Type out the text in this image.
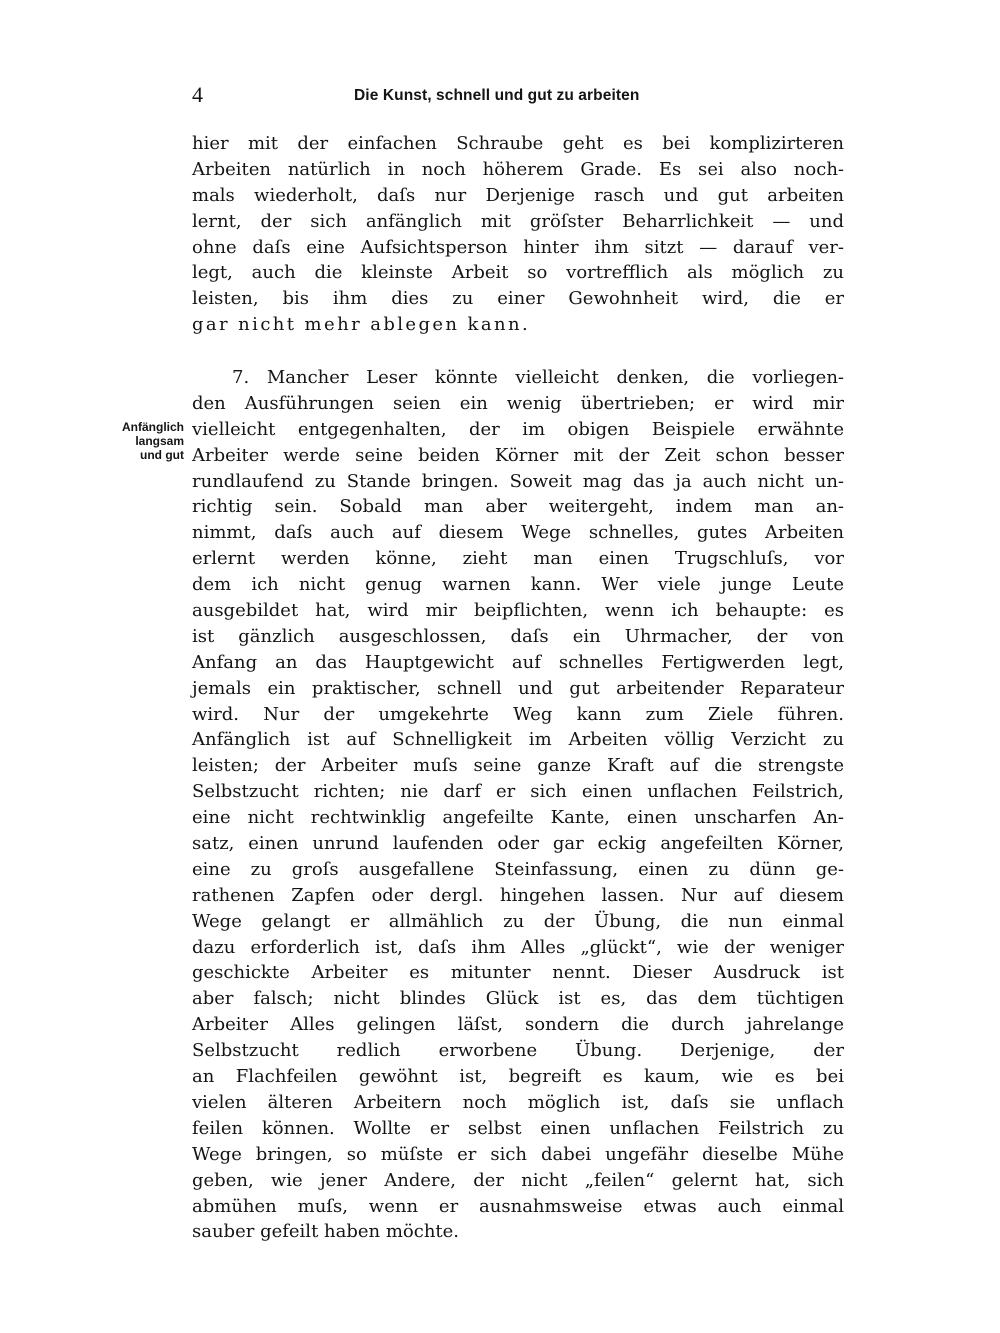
4	Die Kunst, schnell und gut zu arbeiten
hier mit der einfachen Schraube geht es bei komplizirteren
Arbeiten natürlich in noch höherem Grade. Es sei also noch-
mals wiederholt, daſs nur Derjenige rasch und gut arbeiten
lernt, der sich anfänglich mit gröſster Beharrlichkeit — und
ohne daſs eine Aufsichtsperson hinter ihm sitzt — darauf ver-
legt, auch die kleinste Arbeit so vortrefflich als möglich zu
leisten, bis ihm dies zu einer Gewohnheit wird, die er
gar nicht mehr ablegen kann.
Anfänglich
langsam
und gut
7. Mancher Leser könnte vielleicht denken, die vorliegen-
den Ausführungen seien ein wenig übertrieben; er wird mir
vielleicht entgegenhalten, der im obigen Beispiele erwähnte
Arbeiter werde seine beiden Körner mit der Zeit schon besser
rundlaufend zu Stande bringen. Soweit mag das ja auch nicht un-
richtig sein. Sobald man aber weitergeht, indem man an-
nimmt, daſs auch auf diesem Wege schnelles, gutes Arbeiten
erlernt werden könne, zieht man einen Trugschluſs, vor
dem ich nicht genug warnen kann. Wer viele junge Leute
ausgebildet hat, wird mir beipflichten, wenn ich behaupte: es
ist gänzlich ausgeschlossen, daſs ein Uhrmacher, der von
Anfang an das Hauptgewicht auf schnelles Fertigwerden legt,
jemals ein praktischer, schnell und gut arbeitender Reparateur
wird. Nur der umgekehrte Weg kann zum Ziele führen.
Anfänglich ist auf Schnelligkeit im Arbeiten völlig Verzicht zu
leisten; der Arbeiter muſs seine ganze Kraft auf die strengste
Selbstzucht richten; nie darf er sich einen unflachen Feilstrich,
eine nicht rechtwinklig angefeilte Kante, einen unscharfen An-
satz, einen unrund laufenden oder gar eckig angefeilten Körner,
eine zu groſs ausgefallene Steinfassung, einen zu dünn ge-
rathenen Zapfen oder dergl. hingehen lassen. Nur auf diesem
Wege gelangt er allmählich zu der Übung, die nun einmal
dazu erforderlich ist, daſs ihm Alles „glückt“, wie der weniger
geschickte Arbeiter es mitunter nennt. Dieser Ausdruck ist
aber falsch; nicht blindes Glück ist es, das dem tüchtigen
Arbeiter Alles gelingen läſst, sondern die durch jahrelange
Selbstzucht redlich erworbene Übung. Derjenige, der
an Flachfeilen gewöhnt ist, begreift es kaum, wie es bei
vielen älteren Arbeitern noch möglich ist, daſs sie unflach
feilen können. Wollte er selbst einen unflachen Feilstrich zu
Wege bringen, so müſste er sich dabei ungefähr dieselbe Mühe
geben, wie jener Andere, der nicht „feilen“ gelernt hat, sich
abmühen muſs, wenn er ausnahmsweise etwas auch einmal
sauber gefeilt haben möchte.
